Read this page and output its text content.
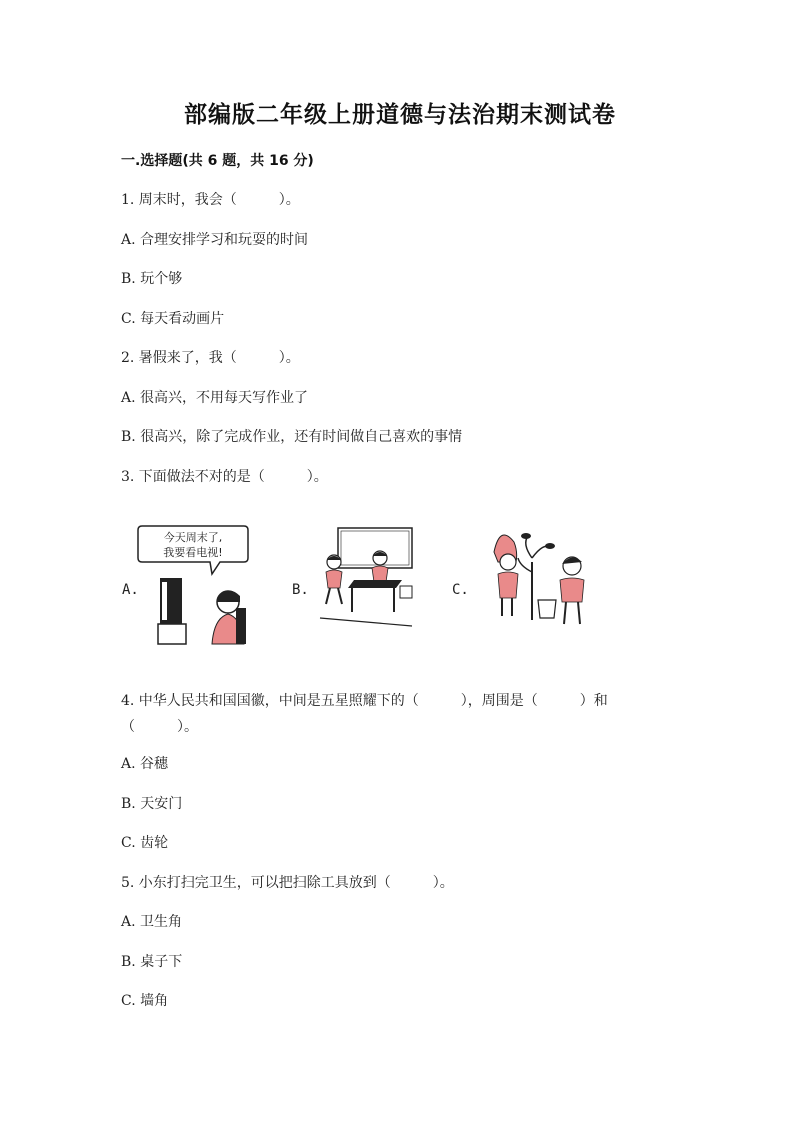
部编版二年级上册道德与法治期末测试卷
一.选择题(共 6 题，共 16 分)
1. 周末时，我会（　　　）。
A. 合理安排学习和玩耍的时间
B. 玩个够
C. 每天看动画片
2. 暑假来了，我（　　　）。
A. 很高兴，不用每天写作业了
B. 很高兴，除了完成作业，还有时间做自己喜欢的事情
3. 下面做法不对的是（　　　）。
A.	B.	C.
今天周末了,
我要看电视!
4. 中华人民共和国国徽，中间是五星照耀下的（　　　），周围是（　　　）和（　　　）。
A. 谷穗
B. 天安门
C. 齿轮
5. 小东打扫完卫生，可以把扫除工具放到（　　　）。
A. 卫生角
B. 桌子下
C. 墙角
